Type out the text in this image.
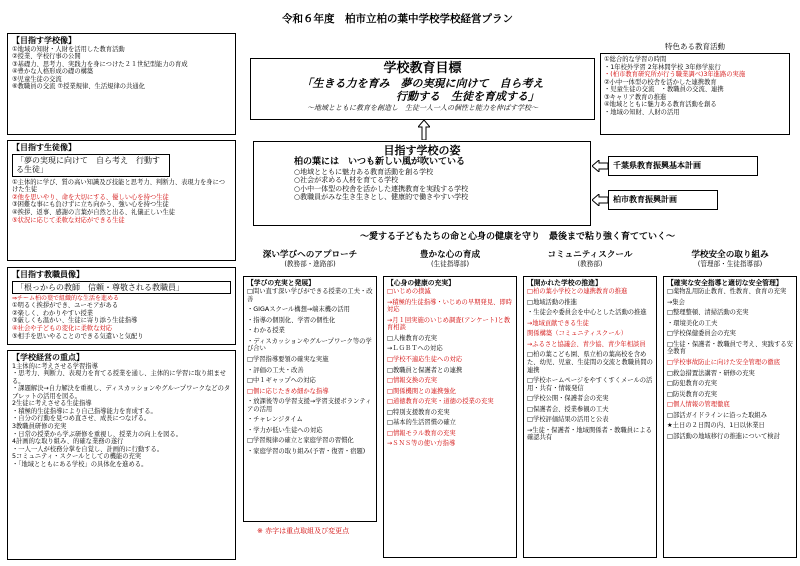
令和６年度　柏市立柏の葉中学校学校経営プラン
【目指す学校像】
①地域の知財・人財を活用した教育活動
②授業、学校行事の公開
③基礎力、思考力、実践力を身につけた２１世紀型能力の育成
④豊かな人格形成の礎の構築
⑤児童生徒の交流
⑥教職員の交流 ⑦授業規律、生活規律の共通化
【目指す生徒像】
「夢の実現に向けて　自ら考え　行動する生徒」
①主体的に学び、質の高い知識及び技能と思考力、判断力、表現力を身につけた生徒
②他を思いやり、命を大切にする、優しい心を持つ生徒
③困難な事にも負けずに立ち向かう、強い心を持つ生徒
④挨拶、返事、感謝の言葉が自然と出る、礼儀正しい生徒
⑤状況に応じて柔軟な対応ができる生徒
【目指す教職員像】
「根っからの教師　信頼・尊敬される教職員」
⇒チーム柏の葉で組織的な生活を進める
①明るく挨拶ができ、ユーモアがある
②楽しく、わかりやすい授業
③厳しくも温かい、生徒に寄り添う生徒指導
④社会や子どもの変化に柔軟な対応
⑤相手を思いやることのできる気遣いと気配り
【学校経営の重点】
1主体的に考えさせる学習指導
・思考力、判断力、表現力を育てる授業を通し、主体的に学習に取り組ませる。
・課題解決→自力解決を重視し、ディスカッションやグループワークなどのタブレットの活用を図る。
2生徒に考えさせる生徒指導
・積極的生徒指導により自己指導能力を育成する。
・自分の行動を見つめ直させ、成長につなげる。
3教職員研修の充実
・日常の授業から学ぶ研修を重視し、授業力の向上を図る。
4計画的な取り組み、的確な業務の遂行
・一人一人が校務分掌を自覚し、計画的に行動する。
5コミュニティ・スクールとしての機能の充実
・「地域とともにある学校」の具体化を進める。
学校教育目標
「生きる力を育み　夢の実現に向けて　自ら考え
行動する　生徒を育成する」
～地域とともに教育を創造し　生徒一人一人の個性と能力を伸ばす学校～
目指す学校の姿
柏の葉には　いつも新しい風が吹いている
○地域とともに魅力ある教育活動を創る学校
○社会が求める人材を育てる学校
○小中一体型の校舎を活かした連携教育を実践する学校
○教職員がみな生き生きとし、健康的で働きやすい学校
千葉県教育振興基本計画
柏市教育振興計画
特色ある教育活動
①総合的な学習の時間
・1年校外学習 2年林間学校 3年修学旅行
・(柏市教育研究所が行う職業調べ)3年進路の実施
②小中一体型の校舎を活かした連携教育
・児童生徒の交流　・教職員の交流、連携
③キャリア教育の推進
④地域とともに魅力ある教育活動を創る
・地域の知財、人財の活用
～愛する子どもたちの命と心身の健康を守り　最後まで粘り強く育てていく～
深い学びへのアプローチ
(教務部・進路部)
【学びの充実と発展】
□問い直す深い学びができる授業の工夫・改善
・GIGAスクール構想→端末機の活用
・指導の個別化、学習の個性化
・わかる授業
・ディスカッションやグループワーク等の学び合い
□学習指導要領の確実な実施
・評価の工夫・改善
□中１ギャップへの対応
□個に応じたきめ細かな指導
・放課後等の学習支援→学習支援ボランティアの活用
・チャレンジタイム
・学力が低い生徒への対応
□学習規律の確立と家庭学習の習慣化
・家庭学習の取り組み(予習・復習・宿題)
※ 赤字は重点取組及び変更点
豊かな心の育成
(生徒指導部)
【心身の健康の充実】
□いじめの撲滅
→積極的生徒指導・いじめの早期発見、即時対応
→月１回実施のいじめ調査(アンケート)と教育相談
□人権教育の充実
→ＬＧＢＴへの対応
□学校不適応生徒への対応
□教職員と保護者との連携
□情報交換の充実
□関係機関との連携強化
□道徳教育の充実・道徳の授業の充実
□特別支援教育の充実
□基本的生活習慣の確立
□情報モラル教育の充実
→ＳＮＳ等の使い方指導
コミュニティスクール
(教務部)
【開かれた学校の推進】
□柏の葉小学校との連携教育の推進
□地域活動の推進
・生徒会や委員会を中心とした活動の推進
→地域貢献できる生徒
関係構築（コミュニティスクール）
→ふるさと協議会、青少協、青少年相談員
□柏の葉こども園、県立柏の葉高校を含めた、幼児、児童、生徒間の交流と教職員間の連携
□学校ホームページをやすくすくメールの活用・共有・情報発信
□学校公開・保護者会の充実
□保護者会、授業参観の工夫
□学校評価結果の活用と公表
→生徒・保護者・地域関係者・教職員による確認共有
学校安全の取り組み
(管理部・生徒指導部)
【確実な安全指導と適切な安全管理】
□薬物乱用防止教育、性教育、食育の充実
→集会
□整理整頓、清掃活動の充実
・環境美化の工夫
□学校保健委員会の充実
□生徒・保護者・教職員で考え、実践する安全教育
□学校事故防止に向けた安全管理の徹底
□救急措置法講習・研修の充実
□防犯教育の充実
□防災教育の充実
□個人情報の管理徹底
□部活ガイドラインに沿った取組み
★土日の２日間の内、1日以休業日
□部活動の地域移行の推進について検討
